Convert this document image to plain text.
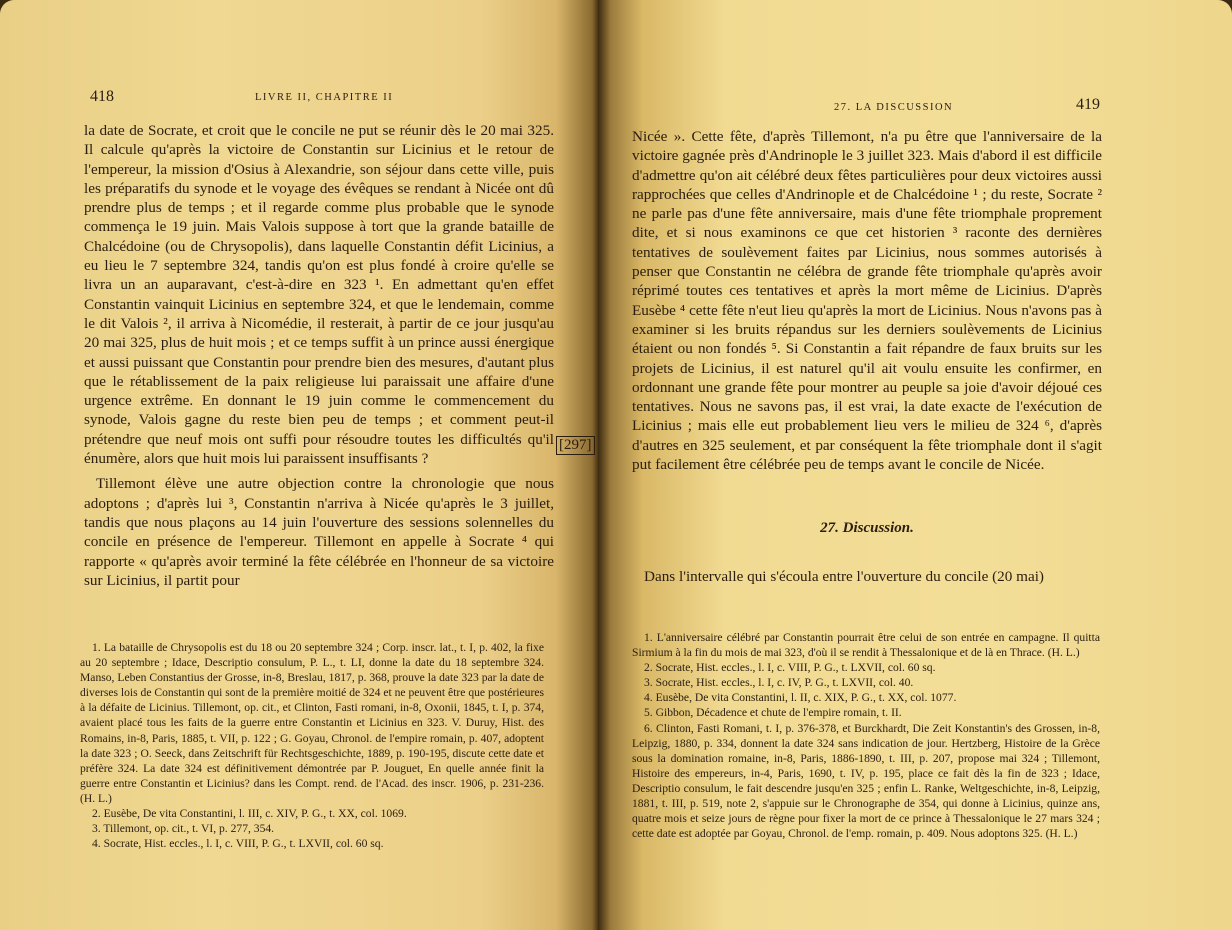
418	LIVRE II, CHAPITRE II

la date de Socrate, et croit que le concile ne put se réunir dès le 20 mai 325. Il calcule qu'après la victoire de Constantin sur Licinius et le retour de l'empereur, la mission d'Osius à Alexandrie, son séjour dans cette ville, puis les préparatifs du synode et le voyage des évêques se rendant à Nicée ont dû prendre plus de temps ; et il regarde comme plus probable que le synode commença le 19 juin. Mais Valois suppose à tort que la grande bataille de Chalcédoine (ou de Chrysopolis), dans laquelle Constantin défit Licinius, a eu lieu le 7 septembre 324, tandis qu'on est plus fondé à croire qu'elle se livra un an auparavant, c'est-à-dire en 323 ¹. En admettant qu'en effet Constantin vainquit Licinius en septembre 324, et que le lendemain, comme le dit Valois ², il arriva à Nicomédie, il resterait, à partir de ce jour jusqu'au 20 mai 325, plus de huit mois ; et ce temps suffit à un prince aussi énergique et aussi puissant que Constantin pour prendre bien des mesures, d'autant plus que le rétablissement de la paix religieuse lui paraissait une affaire d'une urgence extrême. En donnant le 19 juin comme le commencement du synode, Valois gagne du reste bien peu de temps ; et comment peut-il prétendre que neuf mois ont suffi pour résoudre toutes les difficultés qu'il énumère, alors que huit mois lui paraissent insuffisants ?

Tillemont élève une autre objection contre la chronologie que nous adoptons ; d'après lui ³, Constantin n'arriva à Nicée qu'après le 3 juillet, tandis que nous plaçons au 14 juin l'ouverture des sessions solennelles du concile en présence de l'empereur. Tillemont en appelle à Socrate ⁴ qui rapporte « qu'après avoir terminé la fête célébrée en l'honneur de sa victoire sur Licinius, il partit pour

[297]
1. La bataille de Chrysopolis est du 18 ou 20 septembre 324 ; Corp. inscr. lat., t. I, p. 402, la fixe au 20 septembre ; Idace, Descriptio consulum, P. L., t. LI, donne la date du 18 septembre 324. Manso, Leben Constantius der Grosse, in-8, Breslau, 1817, p. 368, prouve la date 323 par la date de diverses lois de Constantin qui sont de la première moitié de 324 et ne peuvent être que postérieures à la défaite de Licinius. Tillemont, op. cit., et Clinton, Fasti romani, in-8, Oxonii, 1845, t. I, p. 374, avaient placé tous les faits de la guerre entre Constantin et Licinius en 323. V. Duruy, Hist. des Romains, in-8, Paris, 1885, t. VII, p. 122 ; G. Goyau, Chronol. de l'empire romain, p. 407, adoptent la date 323 ; O. Seeck, dans Zeitschrift für Rechtsgeschichte, 1889, p. 190-195, discute cette date et préfère 324. La date 324 est définitivement démontrée par P. Jouguet, En quelle année finit la guerre entre Constantin et Licinius? dans les Compt. rend. de l'Acad. des inscr. 1906, p. 231-236. (H. L.)
2. Eusèbe, De vita Constantini, l. III, c. XIV, P. G., t. XX, col. 1069.
3. Tillemont, op. cit., t. VI, p. 277, 354.
4. Socrate, Hist. eccles., l. I, c. VIII, P. G., t. LXVII, col. 60 sq.
27. LA DISCUSSION	419

Nicée ». Cette fête, d'après Tillemont, n'a pu être que l'anniversaire de la victoire gagnée près d'Andrinople le 3 juillet 323. Mais d'abord il est difficile d'admettre qu'on ait célébré deux fêtes particulières pour deux victoires aussi rapprochées que celles d'Andrinople et de Chalcédoine ¹ ; du reste, Socrate ² ne parle pas d'une fête anniversaire, mais d'une fête triomphale proprement dite, et si nous examinons ce que cet historien ³ raconte des dernières tentatives de soulèvement faites par Licinius, nous sommes autorisés à penser que Constantin ne célébra de grande fête triomphale qu'après avoir réprimé toutes ces tentatives et après la mort même de Licinius. D'après Eusèbe ⁴ cette fête n'eut lieu qu'après la mort de Licinius. Nous n'avons pas à examiner si les bruits répandus sur les derniers soulèvements de Licinius étaient ou non fondés ⁵. Si Constantin a fait répandre de faux bruits sur les projets de Licinius, il est naturel qu'il ait voulu ensuite les confirmer, en ordonnant une grande fête pour montrer au peuple sa joie d'avoir déjoué ces tentatives. Nous ne savons pas, il est vrai, la date exacte de l'exécution de Licinius ; mais elle eut probablement lieu vers le milieu de 324 ⁶, d'après d'autres en 325 seulement, et par conséquent la fête triomphale dont il s'agit put facilement être célébrée peu de temps avant le concile de Nicée.

27. Discussion.

Dans l'intervalle qui s'écoula entre l'ouverture du concile (20 mai)

1. L'anniversaire célébré par Constantin pourrait être celui de son entrée en campagne. Il quitta Sirmium à la fin du mois de mai 323, d'où il se rendit à Thessalonique et de là en Thrace. (H. L.)
2. Socrate, Hist. eccles., l. I, c. VIII, P. G., t. LXVII, col. 60 sq.
3. Socrate, Hist. eccles., l. I, c. IV, P. G., t. LXVII, col. 40.
4. Eusèbe, De vita Constantini, l. II, c. XIX, P. G., t. XX, col. 1077.
5. Gibbon, Décadence et chute de l'empire romain, t. II.
6. Clinton, Fasti Romani, t. I, p. 376-378, et Burckhardt, Die Zeit Konstantin's des Grossen, in-8, Leipzig, 1880, p. 334, donnent la date 324 sans indication de jour. Hertzberg, Histoire de la Grèce sous la domination romaine, in-8, Paris, 1886-1890, t. III, p. 207, propose mai 324 ; Tillemont, Histoire des empereurs, in-4, Paris, 1690, t. IV, p. 195, place ce fait dès la fin de 323 ; Idace, Descriptio consulum, le fait descendre jusqu'en 325 ; enfin L. Ranke, Weltgeschichte, in-8, Leipzig, 1881, t. III, p. 519, note 2, s'appuie sur le Chronographe de 354, qui donne à Licinius, quinze ans, quatre mois et seize jours de règne pour fixer la mort de ce prince à Thessalonique le 27 mars 324 ; cette date est adoptée par Goyau, Chronol. de l'emp. romain, p. 409. Nous adoptons 325. (H. L.)
